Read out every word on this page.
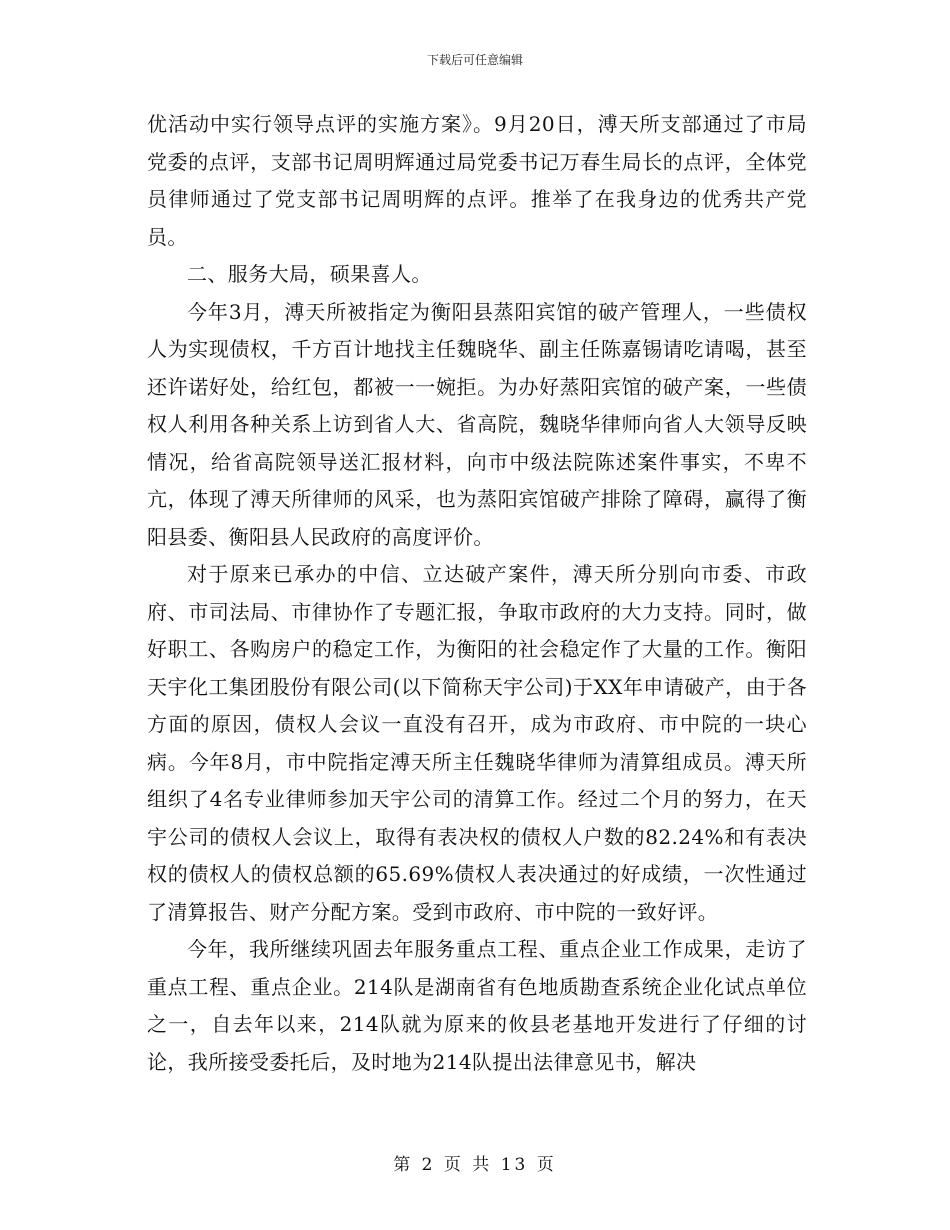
下载后可任意编辑

优活动中实行领导点评的实施方案》。9月20日，溥天所支部通过了市局党委的点评，支部书记周明辉通过局党委书记万春生局长的点评，全体党员律师通过了党支部书记周明辉的点评。推举了在我身边的优秀共产党员。

二、服务大局，硕果喜人。

今年3月，溥天所被指定为衡阳县蒸阳宾馆的破产管理人，一些债权人为实现债权，千方百计地找主任魏晓华、副主任陈嘉锡请吃请喝，甚至还许诺好处，给红包，都被一一婉拒。为办好蒸阳宾馆的破产案，一些债权人利用各种关系上访到省人大、省高院，魏晓华律师向省人大领导反映情况，给省高院领导送汇报材料，向市中级法院陈述案件事实，不卑不亢，体现了溥天所律师的风采，也为蒸阳宾馆破产排除了障碍，赢得了衡阳县委、衡阳县人民政府的高度评价。

对于原来已承办的中信、立达破产案件，溥天所分别向市委、市政府、市司法局、市律协作了专题汇报，争取市政府的大力支持。同时，做好职工、各购房户的稳定工作，为衡阳的社会稳定作了大量的工作。衡阳天宇化工集团股份有限公司(以下简称天宇公司)于XX年申请破产，由于各方面的原因，债权人会议一直没有召开，成为市政府、市中院的一块心病。今年8月，市中院指定溥天所主任魏晓华律师为清算组成员。溥天所组织了4名专业律师参加天宇公司的清算工作。经过二个月的努力，在天宇公司的债权人会议上，取得有表决权的债权人户数的82.24%和有表决权的债权人的债权总额的65.69%债权人表决通过的好成绩，一次性通过了清算报告、财产分配方案。受到市政府、市中院的一致好评。

今年，我所继续巩固去年服务重点工程、重点企业工作成果，走访了重点工程、重点企业。214队是湖南省有色地质勘查系统企业化试点单位之一，自去年以来，214队就为原来的攸县老基地开发进行了仔细的讨论，我所接受委托后，及时地为214队提出法律意见书，解决

第 2 页 共 13 页
